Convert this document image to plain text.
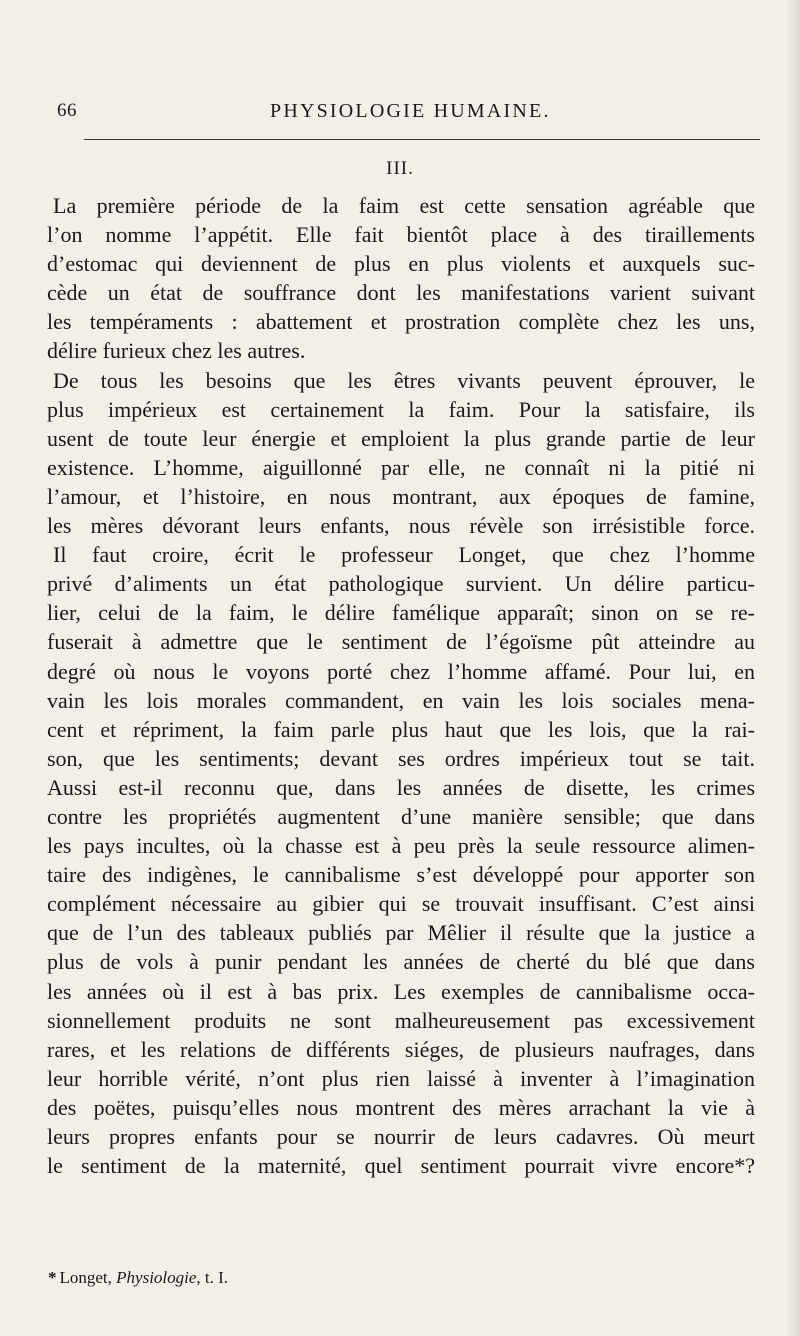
66	PHYSIOLOGIE HUMAINE.
III.
La première période de la faim est cette sensation agréable que
l’on nomme l’appétit. Elle fait bientôt place à des tiraillements
d’estomac qui deviennent de plus en plus violents et auxquels suc-
cède un état de souffrance dont les manifestations varient suivant
les tempéraments : abattement et prostration complète chez les uns,
délire furieux chez les autres.
De tous les besoins que les êtres vivants peuvent éprouver, le
plus impérieux est certainement la faim. Pour la satisfaire, ils
usent de toute leur énergie et emploient la plus grande partie de leur
existence. L’homme, aiguillonné par elle, ne connaît ni la pitié ni
l’amour, et l’histoire, en nous montrant, aux époques de famine,
les mères dévorant leurs enfants, nous révèle son irrésistible force.
Il faut croire, écrit le professeur Longet, que chez l’homme
privé d’aliments un état pathologique survient. Un délire particu-
lier, celui de la faim, le délire famélique apparaît; sinon on se re-
fuserait à admettre que le sentiment de l’égoïsme pût atteindre au
degré où nous le voyons porté chez l’homme affamé. Pour lui, en
vain les lois morales commandent, en vain les lois sociales mena-
cent et répriment, la faim parle plus haut que les lois, que la rai-
son, que les sentiments; devant ses ordres impérieux tout se tait.
Aussi est-il reconnu que, dans les années de disette, les crimes
contre les propriétés augmentent d’une manière sensible; que dans
les pays incultes, où la chasse est à peu près la seule ressource alimen-
taire des indigènes, le cannibalisme s’est développé pour apporter son
complément nécessaire au gibier qui se trouvait insuffisant. C’est ainsi
que de l’un des tableaux publiés par Mêlier il résulte que la justice a
plus de vols à punir pendant les années de cherté du blé que dans
les années où il est à bas prix. Les exemples de cannibalisme occa-
sionnellement produits ne sont malheureusement pas excessivement
rares, et les relations de différents siéges, de plusieurs naufrages, dans
leur horrible vérité, n’ont plus rien laissé à inventer à l’imagination
des poëtes, puisqu’elles nous montrent des mères arrachant la vie à
leurs propres enfants pour se nourrir de leurs cadavres. Où meurt
le sentiment de la maternité, quel sentiment pourrait vivre encore*?
* Longet, Physiologie, t. I.
